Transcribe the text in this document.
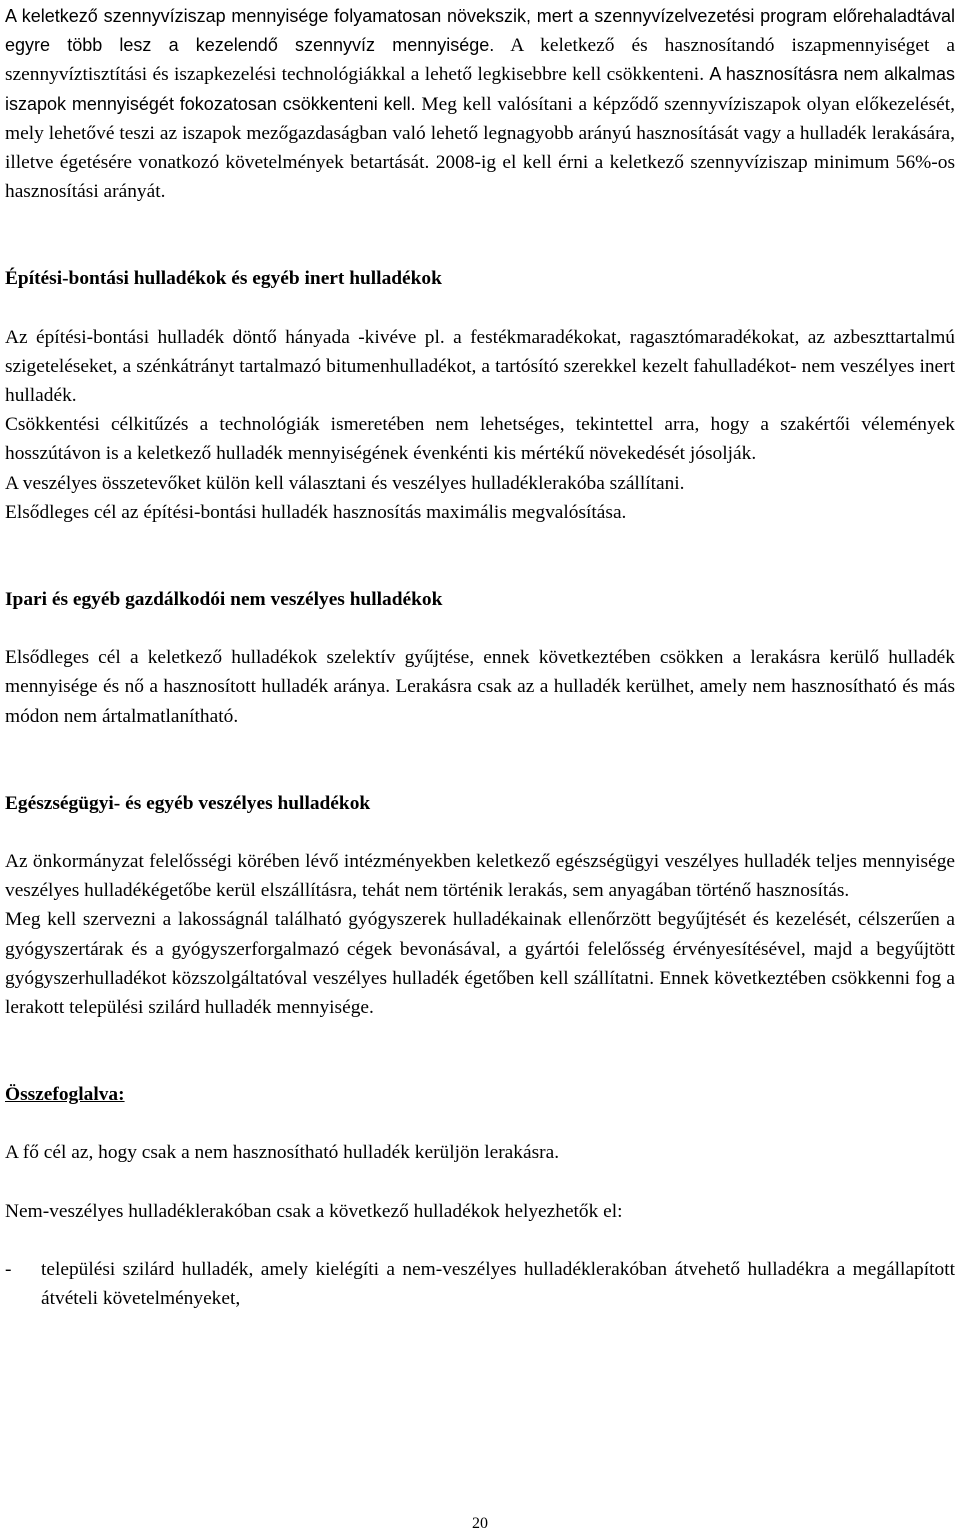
A keletkező szennyvíziszap mennyisége folyamatosan növekszik, mert a szennyvízelvezetési program előrehaladtával egyre több lesz a kezelendő szennyvíz mennyisége. A keletkező és hasznosítandó iszapmennyiséget a szennyvíztisztítási és iszapkezelési technológiákkal a lehető legkisebbre kell csökkenteni. A hasznosításra nem alkalmas iszapok mennyiségét fokozatosan csökkenteni kell. Meg kell valósítani a képződő szennyvíziszapok olyan előkezelését, mely lehetővé teszi az iszapok mezőgazdaságban való lehető legnagyobb arányú hasznosítását vagy a hulladék lerakására, illetve égetésére vonatkozó követelmények betartását. 2008-ig el kell érni a keletkező szennyvíziszap minimum 56%-os hasznosítási arányát.

Építési-bontási hulladékok és egyéb inert hulladékok

Az építési-bontási hulladék döntő hányada -kivéve pl. a festékmaradékokat, ragasztómaradékokat, az azbeszttartalmú szigeteléseket, a szénkátrányt tartalmazó bitumenhulladékot, a tartósító szerekkel kezelt fahulladékot- nem veszélyes inert hulladék.

Csökkentési célkitűzés a technológiák ismeretében nem lehetséges, tekintettel arra, hogy a szakértői vélemények hosszútávon is a keletkező hulladék mennyiségének évenkénti kis mértékű növekedését jósolják.

A veszélyes összetevőket külön kell választani és veszélyes hulladéklerakóba szállítani.

Elsődleges cél az építési-bontási hulladék hasznosítás maximális megvalósítása.

Ipari és egyéb gazdálkodói nem veszélyes hulladékok

Elsődleges cél a keletkező hulladékok szelektív gyűjtése, ennek következtében csökken a lerakásra kerülő hulladék mennyisége és nő a hasznosított hulladék aránya. Lerakásra csak az a hulladék kerülhet, amely nem hasznosítható és más módon nem ártalmatlanítható.

Egészségügyi- és egyéb veszélyes hulladékok

Az önkormányzat felelősségi körében lévő intézményekben keletkező egészségügyi veszélyes hulladék teljes mennyisége veszélyes hulladékégetőbe kerül elszállításra, tehát nem történik lerakás, sem anyagában történő hasznosítás.

Meg kell szervezni a lakosságnál található gyógyszerek hulladékainak ellenőrzött begyűjtését és kezelését, célszerűen a gyógyszertárak és a gyógyszerforgalmazó cégek bevonásával, a gyártói felelősség érvényesítésével, majd a begyűjtött gyógyszerhulladékot közszolgáltatóval veszélyes hulladék égetőben kell szállítatni. Ennek következtében csökkenni fog a lerakott települési szilárd hulladék mennyisége.

Összefoglalva:

A fő cél az, hogy csak a nem hasznosítható hulladék kerüljön lerakásra.

Nem-veszélyes hulladéklerakóban csak a következő hulladékok helyezhetők el:

-	települési szilárd hulladék, amely kielégíti a nem-veszélyes hulladéklerakóban átvehető hulladékra a megállapított átvételi követelményeket,
20
